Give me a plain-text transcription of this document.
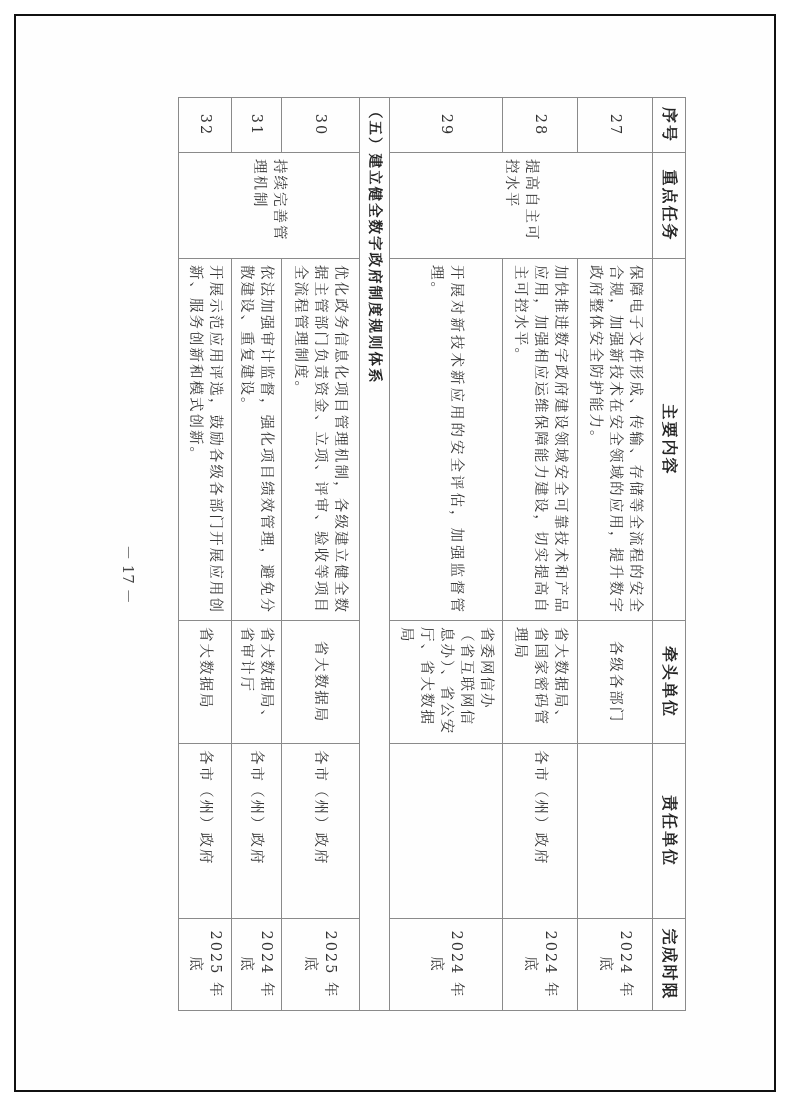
序号	重点任务	主要内容	牵头单位	责任单位	完成时限
27	提高自主可控水平	保障电子文件形成、传输、存储等全流程的安全合规，加强新技术在安全领域的应用，提升数字政府整体安全防护能力。	各级各部门		2024 年底
28		加快推进数字政府建设领域安全可靠技术和产品应用，加强相应运维保障能力建设，切实提高自主可控水平。	省大数据局、省国家密码管理局	各市（州）政府	2024 年底
29		开展对新技术新应用的安全评估，加强监督管理。	省委网信办（省互联网信息办）、省公安厅、省大数据局		2024 年底
（五）建立健全数字政府制度规则体系					
30	持续完善管理机制	优化政务信息化项目管理机制，各级建立健全数据主管部门负责资金、立项、评审、验收等项目全流程管理制度。	省大数据局	各市（州）政府	2025 年底
31		依法加强审计监督，强化项目绩效管理，避免分散建设、重复建设。	省大数据局、省审计厅	各市（州）政府	2024 年底
32		开展示范应用评选，鼓励各级各部门开展应用创新、服务创新和模式创新。	省大数据局	各市（州）政府	2025 年底
－ 17 －
